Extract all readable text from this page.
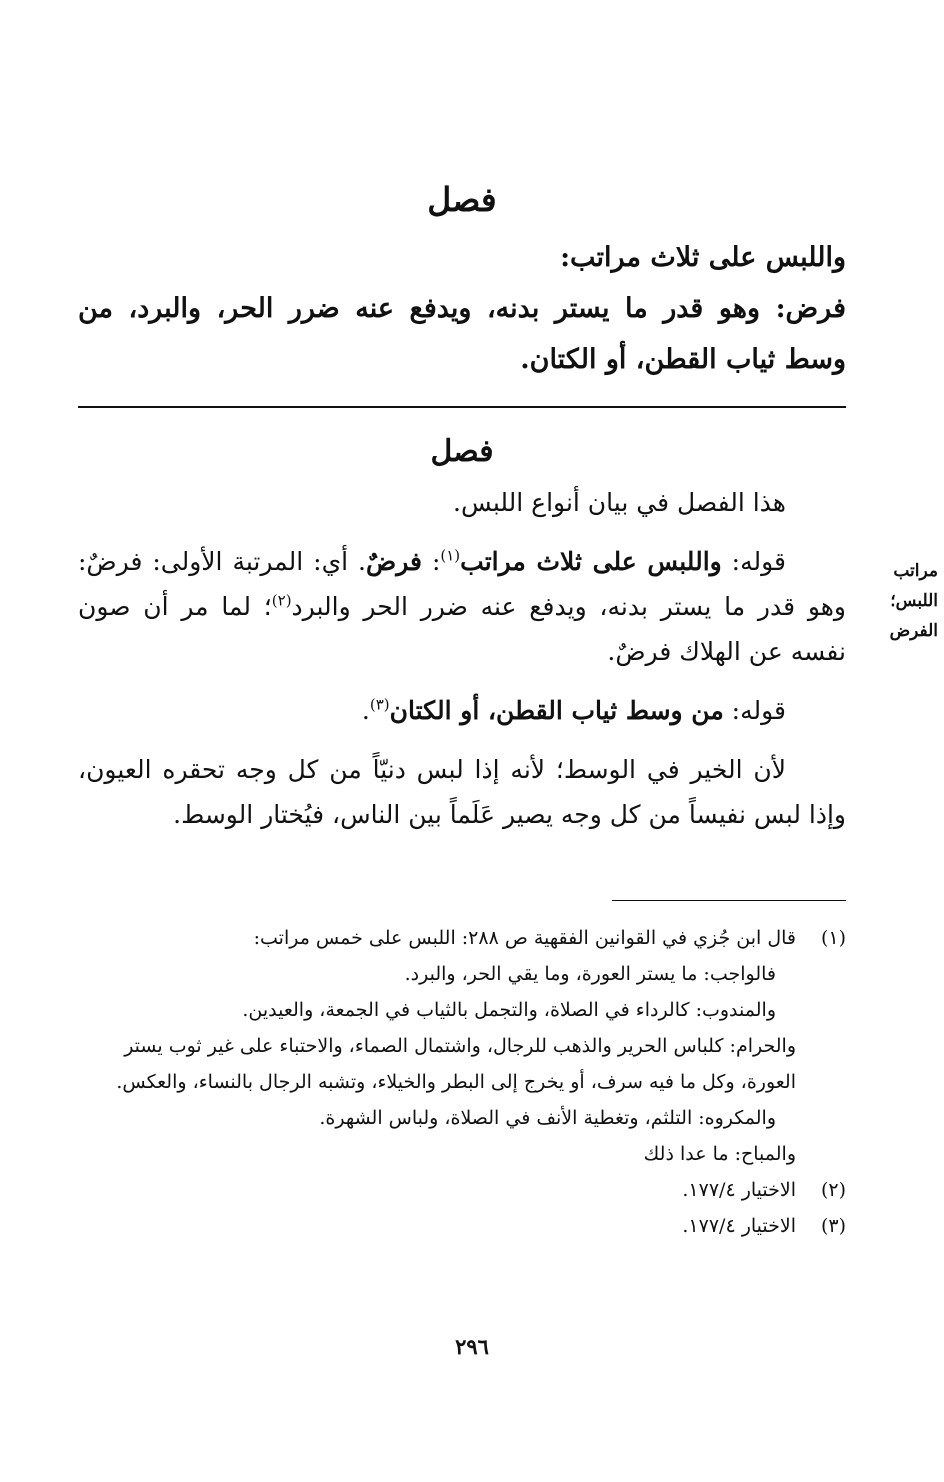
فصل
واللبس على ثلاث مراتب:
فرض: وهو قدر ما يستر بدنه، ويدفع عنه ضرر الحر، والبرد، من وسط ثياب القطن، أو الكتان.
فصل

هذا الفصل في بيان أنواع اللبس.

قوله: واللبس على ثلاث مراتب$^{(١)}$: فرضٌ. أي: المرتبة الأولى: فرضٌ: وهو قدر ما يستر بدنه، ويدفع عنه ضرر الحر والبرد$^{(٢)}$؛ لما مر أن صون نفسه عن الهلاك فرضٌ.

قوله: من وسط ثياب القطن، أو الكتان$^{(٣)}$.

لأن الخير في الوسط؛ لأنه إذا لبس دنيّاً من كل وجه تحقره العيون، وإذا لبس نفيساً من كل وجه يصير عَلَماً بين الناس، فيُختار الوسط.

مراتب
اللبس؛
الفرض
(١)
قال ابن جُزي في القوانين الفقهية ص ٢٨٨: اللبس على خمس مراتب:
فالواجب: ما يستر العورة، وما يقي الحر، والبرد.
والمندوب: كالرداء في الصلاة، والتجمل بالثياب في الجمعة، والعيدين.
والحرام: كلباس الحرير والذهب للرجال، واشتمال الصماء، والاحتباء على غير ثوب يستر العورة، وكل ما فيه سرف، أو يخرج إلى البطر والخيلاء، وتشبه الرجال بالنساء، والعكس.
والمكروه: التلثم، وتغطية الأنف في الصلاة، ولباس الشهرة.
والمباح: ما عدا ذلك
(٢)
الاختيار ١٧٧/٤.
(٣)
الاختيار ١٧٧/٤.
٢٩٦
